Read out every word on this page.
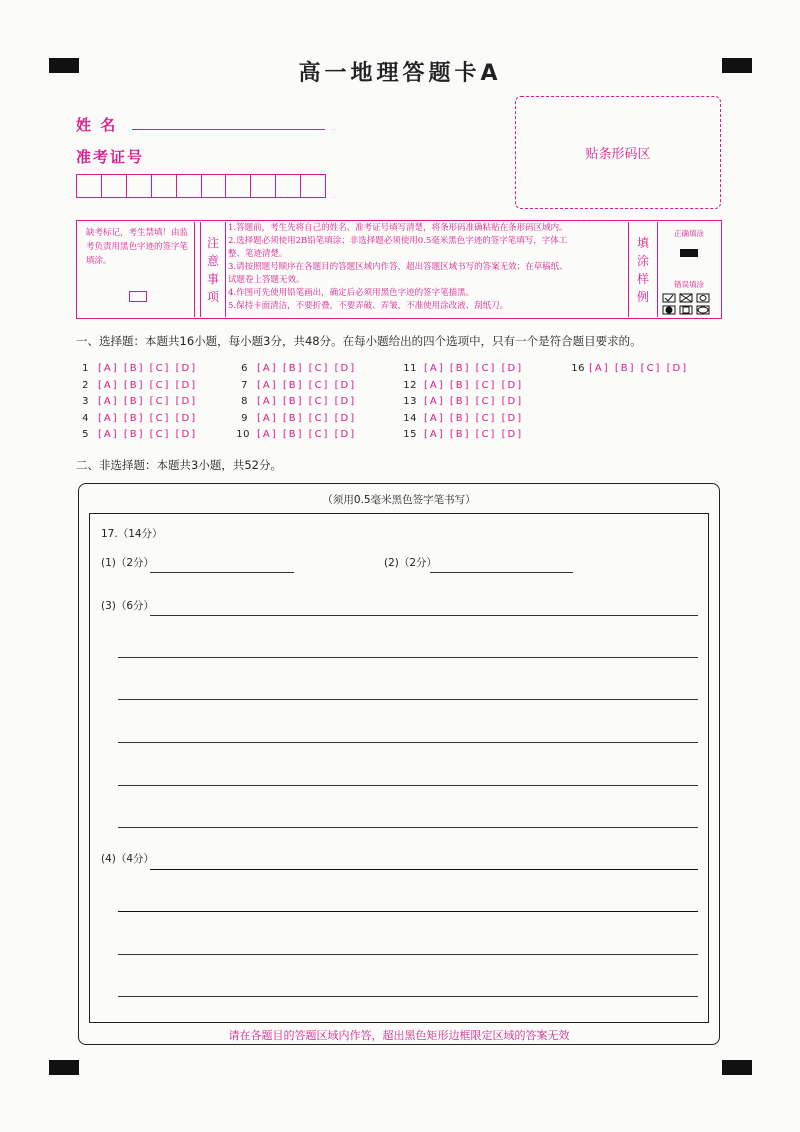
高一地理答题卡A
姓 名
准考证号	贴条形码区
缺考标记，考生禁填！由监考负责用黑色字迹的签字笔填涂。
注
意
事
项
1.答题前，考生先将自己的姓名、准考证号填写清楚，将条形码准确粘贴在条形码区域内。
2.选择题必须使用2B铅笔填涂；非选择题必须使用0.5毫米黑色字迹的签字笔填写，字体工
整、笔迹清楚。
3.请按照题号顺序在各题目的答题区域内作答，超出答题区域书写的答案无效；在草稿纸、
试题卷上答题无效。
4.作图可先使用铅笔画出，确定后必须用黑色字迹的签字笔描黑。
5.保持卡面清洁，不要折叠，不要弄破、弄皱，不准使用涂改液、刮纸刀。
填
涂
样
例
正确填涂
错误填涂
一、选择题：本题共16小题，每小题3分，共48分。在每小题给出的四个选项中，只有一个是符合题目要求的。
1 [A] [B] [C] [D]
2 [A] [B] [C] [D]
3 [A] [B] [C] [D]
4 [A] [B] [C] [D]
5 [A] [B] [C] [D]
6 [A] [B] [C] [D]
7 [A] [B] [C] [D]
8 [A] [B] [C] [D]
9 [A] [B] [C] [D]
10 [A] [B] [C] [D]
11 [A] [B] [C] [D]
12 [A] [B] [C] [D]
13 [A] [B] [C] [D]
14 [A] [B] [C] [D]
15 [A] [B] [C] [D]
16 [A] [B] [C] [D]
二、非选择题：本题共3小题，共52分。
（须用0.5毫米黑色签字笔书写）
17.（14分）
(1)（2分）	(2)（2分）
(3)（6分）
(4)（4分）
请在各题目的答题区域内作答，超出黑色矩形边框限定区域的答案无效
